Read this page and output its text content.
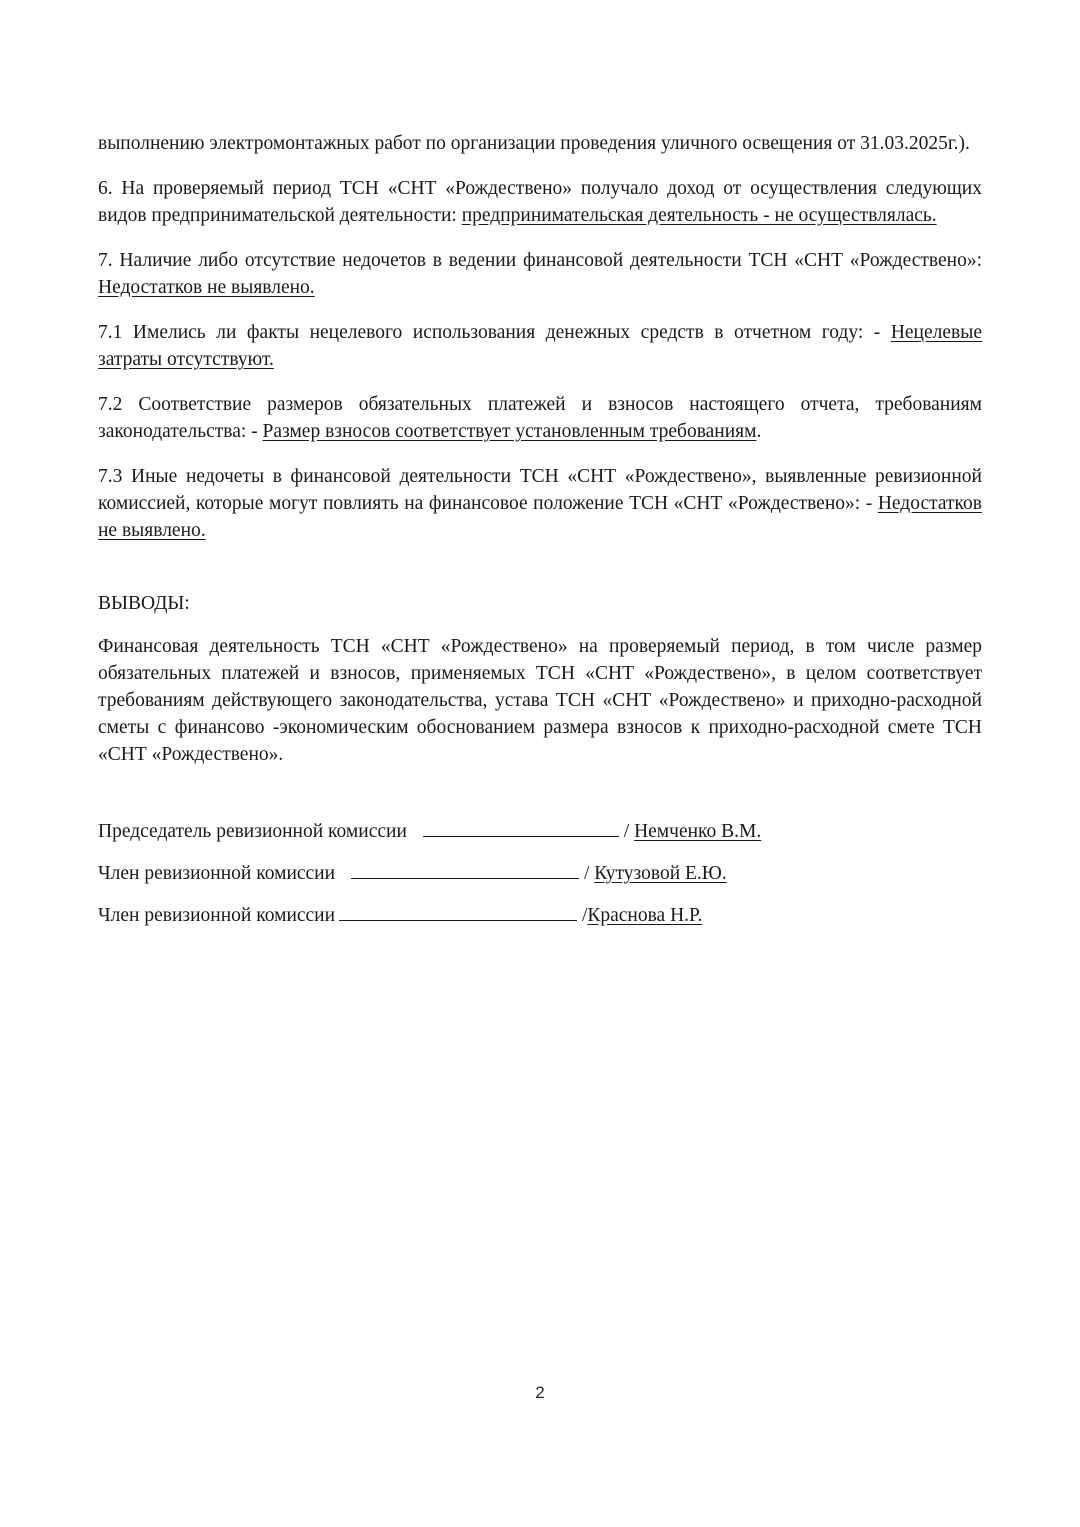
выполнению электромонтажных работ по организации проведения уличного освещения от 31.03.2025г.).

6. На проверяемый период ТСН «СНТ «Рождествено» получало доход от осуществления следующих видов предпринимательской деятельности: предпринимательская деятельность - не осуществлялась.

7. Наличие либо отсутствие недочетов в ведении финансовой деятельности ТСН «СНТ «Рождествено»: Недостатков не выявлено.

7.1 Имелись ли факты нецелевого использования денежных средств в отчетном году: - Нецелевые затраты отсутствуют.

7.2 Соответствие размеров обязательных платежей и взносов настоящего отчета, требованиям законодательства: - Размер взносов соответствует установленным требованиям.

7.3 Иные недочеты в финансовой деятельности ТСН «СНТ «Рождествено», выявленные ревизионной комиссией, которые могут повлиять на финансовое положение ТСН «СНТ «Рождествено»: - Недостатков не выявлено.

ВЫВОДЫ:

Финансовая деятельность ТСН «СНТ «Рождествено» на проверяемый период, в том числе размер обязательных платежей и взносов, применяемых ТСН «СНТ «Рождествено», в целом соответствует требованиям действующего законодательства, устава ТСН «СНТ «Рождествено» и приходно-расходной сметы с финансово -экономическим обоснованием размера взносов к приходно-расходной смете ТСН «СНТ «Рождествено».

Председатель ревизионной комиссии	/ Немченко В.М.
Член ревизионной комиссии	/ Кутузовой Е.Ю.
Член ревизионной комиссии	/Краснова Н.Р.
2
